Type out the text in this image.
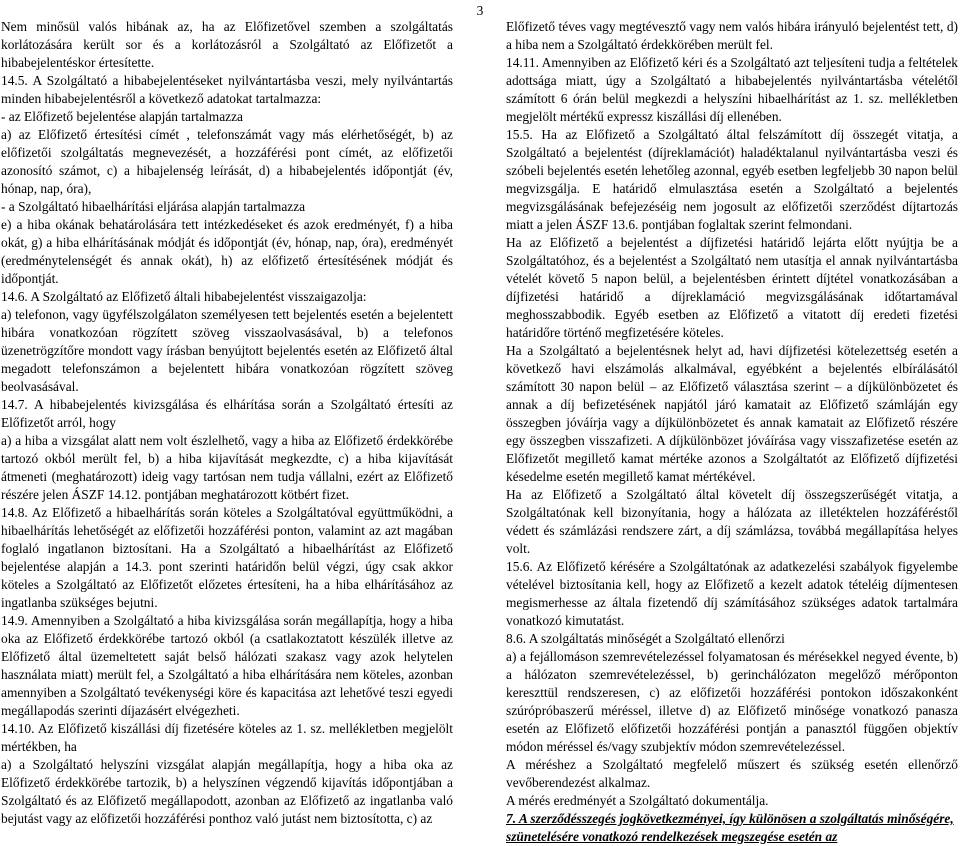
3

Nem minősül valós hibának az, ha az Előfizetővel szemben a szolgáltatás korlátozására került sor és a korlátozásról a Szolgáltató az Előfizetőt a hibabejelentéskor értesítette.

14.5. A Szolgáltató a hibabejelentéseket nyilvántartásba veszi, mely nyilvántartás minden hibabejelentésről a következő adatokat tartalmazza:

- az Előfizető bejelentése alapján tartalmazza

a) az Előfizető értesítési címét , telefonszámát vagy más elérhetőségét, b) az előfizetői szolgáltatás megnevezését, a hozzáférési pont címét, az előfizetői azonosító számot, c) a hibajelenség leírását, d) a hibabejelentés időpontját (év, hónap, nap, óra),

- a Szolgáltató hibaelhárítási eljárása alapján tartalmazza

e) a hiba okának behatárolására tett intézkedéseket és azok eredményét, f) a hiba okát, g) a hiba elhárításának módját és időpontját (év, hónap, nap, óra), eredményét (eredménytelenségét és annak okát), h) az előfizető értesítésének módját és időpontját.

14.6. A Szolgáltató az Előfizető általi hibabejelentést visszaigazolja:

a) telefonon, vagy ügyfélszolgálaton személyesen tett bejelentés esetén a bejelentett hibára vonatkozóan rögzített szöveg visszaolvasásával, b) a telefonos üzenetrögzítőre mondott vagy írásban benyújtott bejelentés esetén az Előfizető által megadott telefonszámon a bejelentett hibára vonatkozóan rögzített szöveg beolvasásával.

14.7. A hibabejelentés kivizsgálása és elhárítása során a Szolgáltató értesíti az Előfizetőt arról, hogy

a) a hiba a vizsgálat alatt nem volt észlelhető, vagy a hiba az Előfizető érdekkörébe tartozó okból merült fel, b) a hiba kijavítását megkezdte, c) a hiba kijavítását átmeneti (meghatározott) ideig vagy tartósan nem tudja vállalni, ezért az Előfizető részére jelen ÁSZF 14.12. pontjában meghatározott kötbért fizet.

14.8. Az Előfizető a hibaelhárítás során köteles a Szolgáltatóval együttműködni, a hibaelhárítás lehetőségét az előfizetői hozzáférési ponton, valamint az azt magában foglaló ingatlanon biztosítani. Ha a Szolgáltató a hibaelhárítást az Előfizető bejelentése alapján a 14.3. pont szerinti határidőn belül végzi, úgy csak akkor köteles a Szolgáltató az Előfizetőt előzetes értesíteni, ha a hiba elhárításához az ingatlanba szükséges bejutni.

14.9. Amennyiben a Szolgáltató a hiba kivizsgálása során megállapítja, hogy a hiba oka az Előfizető érdekkörébe tartozó okból (a csatlakoztatott készülék illetve az Előfizető által üzemeltetett saját belső hálózati szakasz vagy azok helytelen használata miatt) merült fel, a Szolgáltató a hiba elhárítására nem köteles, azonban amennyiben a Szolgáltató tevékenységi köre és kapacitása azt lehetővé teszi egyedi megállapodás szerinti díjazásért elvégezheti.

14.10. Az Előfizető kiszállási díj fizetésére köteles az 1. sz. mellékletben megjelölt mértékben, ha

a) a Szolgáltató helyszíni vizsgálat alapján megállapítja, hogy a hiba oka az Előfizető érdekkörébe tartozik, b) a helyszínen végzendő kijavítás időpontjában a Szolgáltató és az Előfizető megállapodott, azonban az Előfizető az ingatlanba való bejutást vagy az előfizetői hozzáférési ponthoz való jutást nem biztosította, c) az

Előfizető téves vagy megtévesztő vagy nem valós hibára irányuló bejelentést tett, d) a hiba nem a Szolgáltató érdekkörében merült fel.

14.11. Amennyiben az Előfizető kéri és a Szolgáltató azt teljesíteni tudja a feltételek adottsága miatt, úgy a Szolgáltató a hibabejelentés nyilvántartásba vételétől számított 6 órán belül megkezdi a helyszíni hibaelhárítást az 1. sz. mellékletben megjelölt mértékű expressz kiszállási díj ellenében.

15.5. Ha az Előfizető a Szolgáltató által felszámított díj összegét vitatja, a Szolgáltató a bejelentést (díjreklamációt) haladéktalanul nyilvántartásba veszi és szóbeli bejelentés esetén lehetőleg azonnal, egyéb esetben legfeljebb 30 napon belül megvizsgálja. E határidő elmulasztása esetén a Szolgáltató a bejelentés megvizsgálásának befejezéséig nem jogosult az előfizetői szerződést díjtartozás miatt a jelen ÁSZF 13.6. pontjában foglaltak szerint felmondani.

Ha az Előfizető a bejelentést a díjfizetési határidő lejárta előtt nyújtja be a Szolgáltatóhoz, és a bejelentést a Szolgáltató nem utasítja el annak nyilvántartásba vételét követő 5 napon belül, a bejelentésben érintett díjtétel vonatkozásában a díjfizetési határidő a díjreklamáció megvizsgálásának időtartamával meghosszabbodik. Egyéb esetben az Előfizető a vitatott díj eredeti fizetési határidőre történő megfizetésére köteles.

Ha a Szolgáltató a bejelentésnek helyt ad, havi díjfizetési kötelezettség esetén a következő havi elszámolás alkalmával, egyébként a bejelentés elbírálásától számított 30 napon belül – az Előfizető választása szerint – a díjkülönbözetet és annak a díj befizetésének napjától járó kamatait az Előfizető számláján egy összegben jóváírja vagy a díjkülönbözetet és annak kamatait az Előfizető részére egy összegben visszafizeti. A díjkülönbözet jóváírása vagy visszafizetése esetén az Előfizetőt megillető kamat mértéke azonos a Szolgáltatót az Előfizető díjfizetési késedelme esetén megillető kamat mértékével.

Ha az Előfizető a Szolgáltató által követelt díj összegszerűségét vitatja, a Szolgáltatónak kell bizonyítania, hogy a hálózata az illetéktelen hozzáféréstől védett és számlázási rendszere zárt, a díj számlázsa, továbbá megállapítása helyes volt.

15.6. Az Előfizető kérésére a Szolgáltatónak az adatkezelési szabályok figyelembe vételével biztosítania kell, hogy az Előfizető a kezelt adatok tételéig díjmentesen megismerhesse az általa fizetendő díj számításához szükséges adatok tartalmára vonatkozó kimutatást.

8.6. A szolgáltatás minőségét a Szolgáltató ellenőrzi

a) a fejállomáson szemrevételezéssel folyamatosan és mérésekkel negyed évente, b) a hálózaton szemrevételezéssel, b) gerinchálózaton megelőző mérőponton kereszttül rendszeresen, c) az előfizetői hozzáférési pontokon időszakonként szúrópróbaszerű méréssel, illetve d) az Előfizető minősége vonatkozó panasza esetén az Előfizető előfizetői hozzáférési pontján a panasztól függően objektív módon méréssel és/vagy szubjektív módon szemrevételezéssel.

A méréshez a Szolgáltató megfelelő műszert és szükség esetén ellenőrző vevőberendezést alkalmaz.

A mérés eredményét a Szolgáltató dokumentálja.

7. A szerződésszegés jogkövetkezményei, így különösen a szolgáltatás minőségére, szünetelésére vonatkozó rendelkezések megszegése esetén az
